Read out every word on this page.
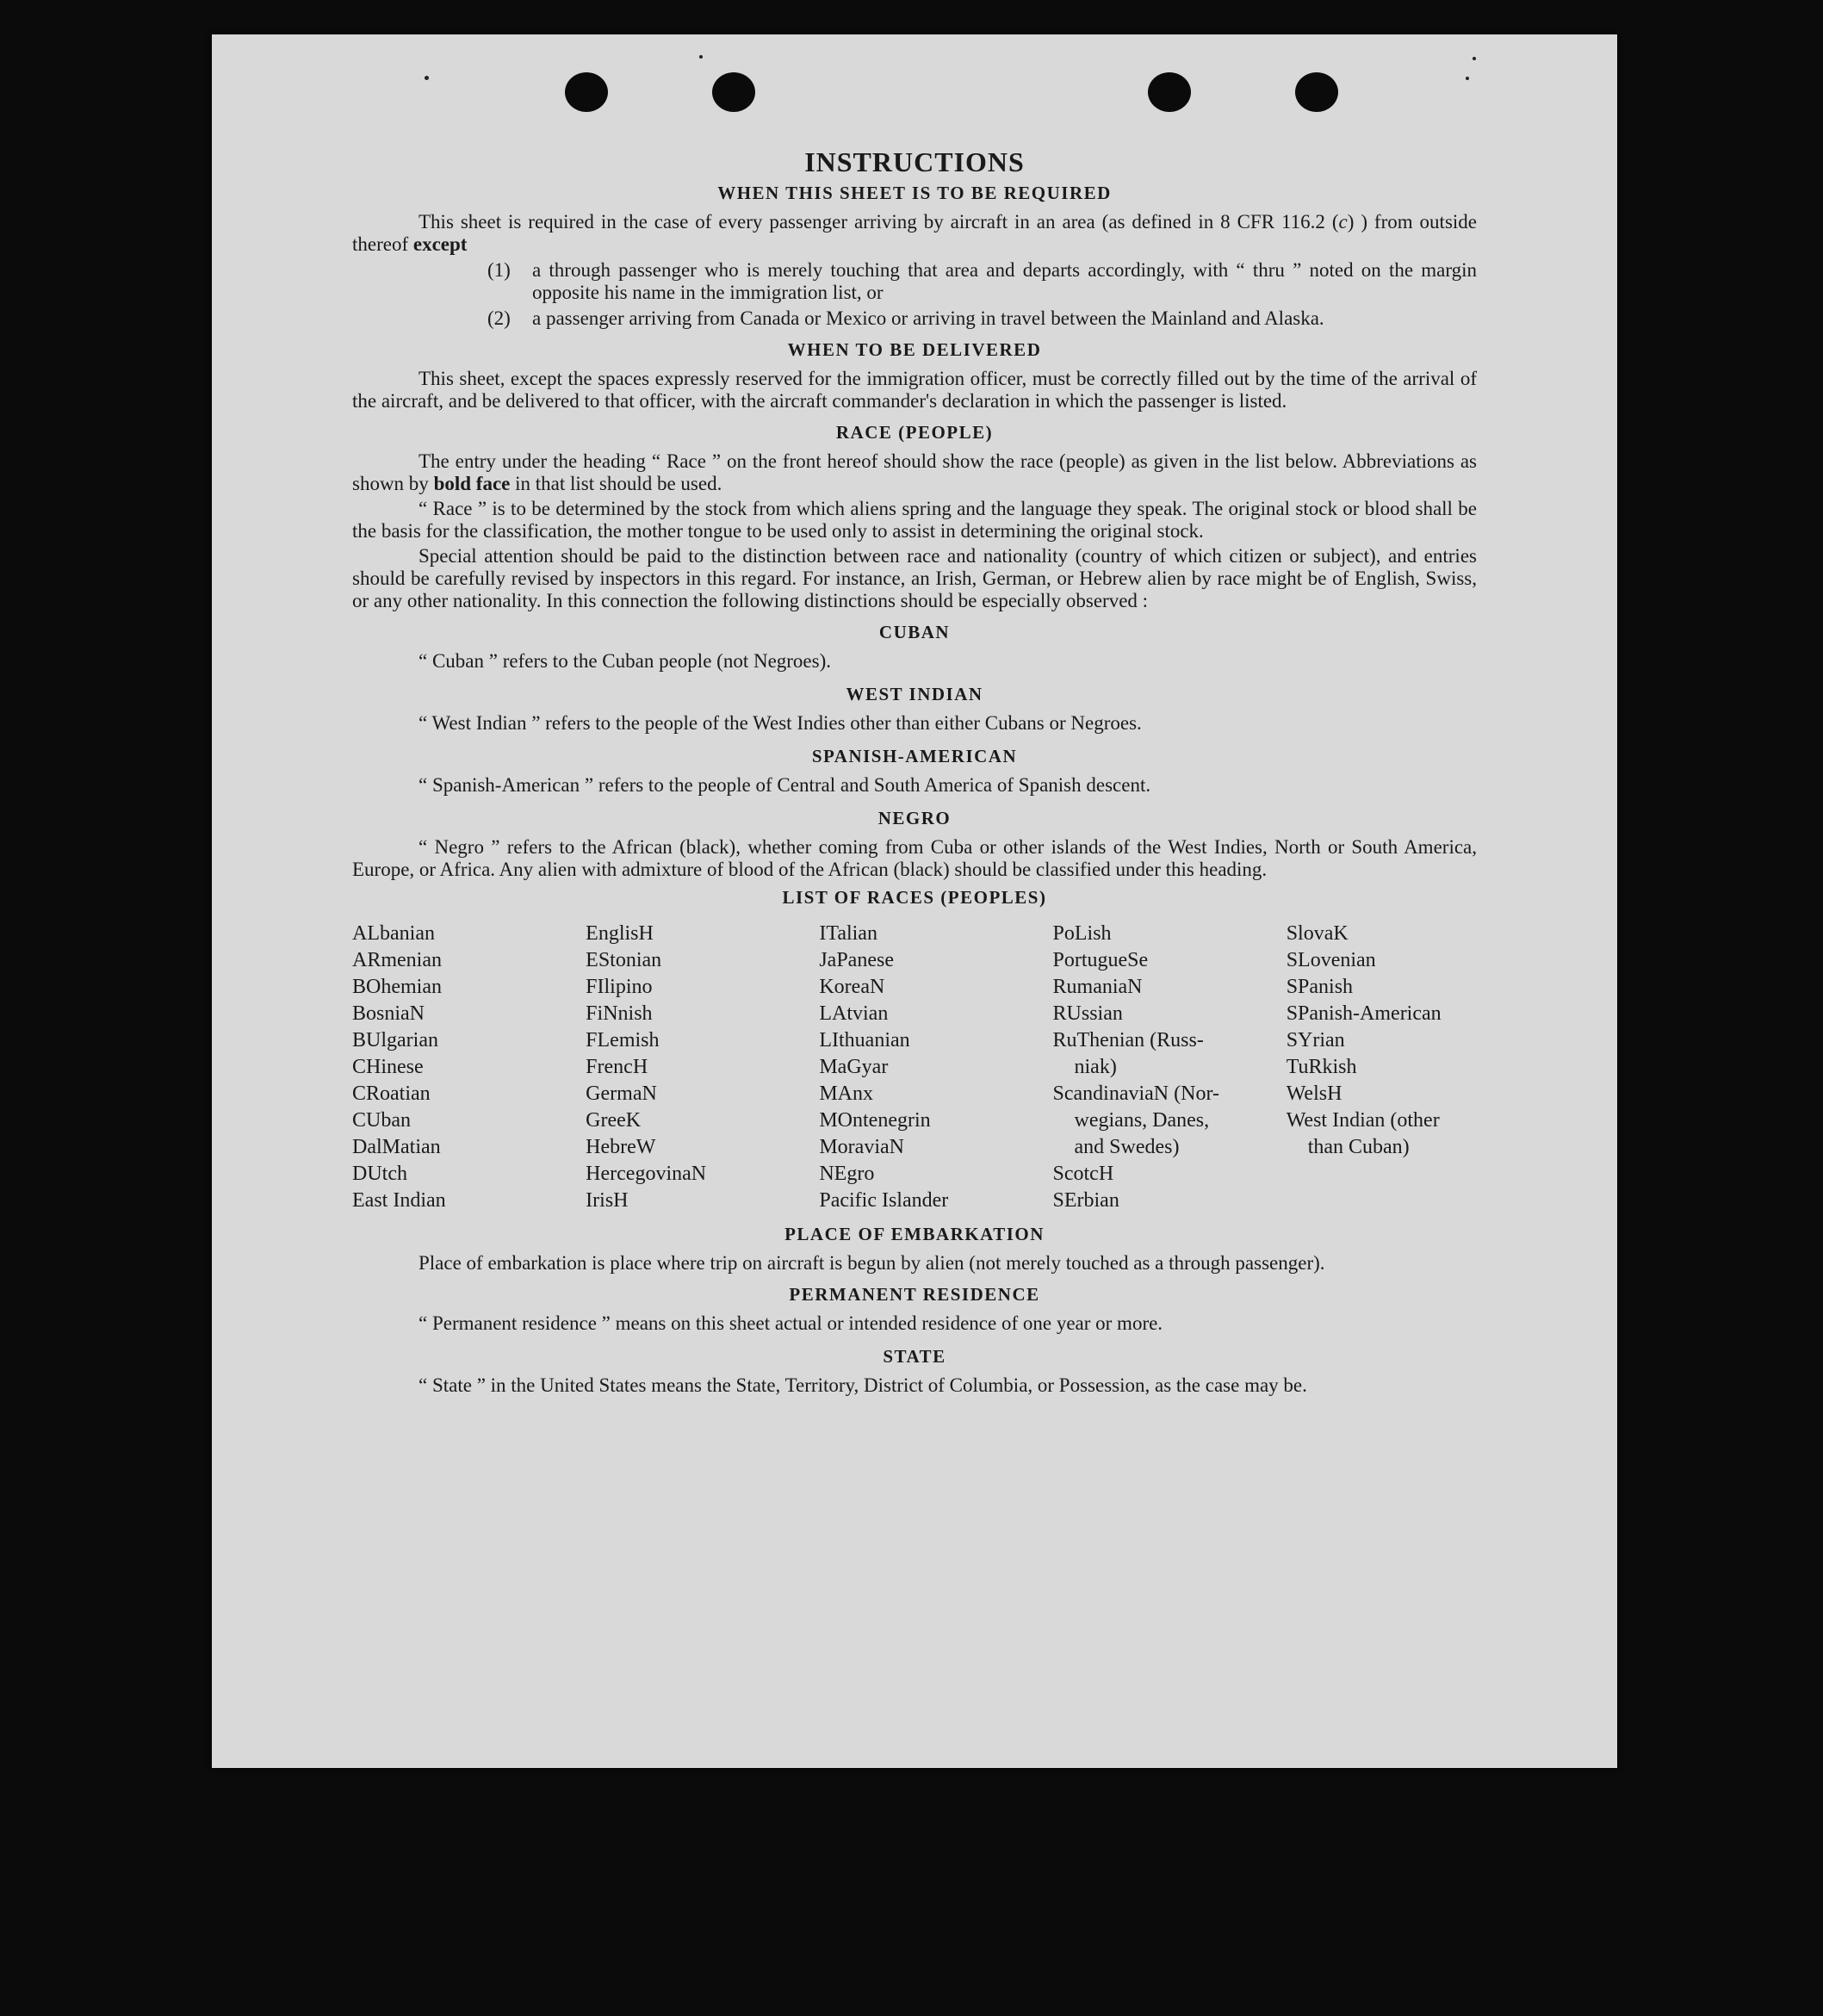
INSTRUCTIONS
WHEN THIS SHEET IS TO BE REQUIRED
This sheet is required in the case of every passenger arriving by aircraft in an area (as defined in 8 CFR 116.2 (c) ) from outside thereof except
(1)	a through passenger who is merely touching that area and departs accordingly, with “ thru ” noted on the margin opposite his name in the immigration list, or
(2)	a passenger arriving from Canada or Mexico or arriving in travel between the Mainland and Alaska.
WHEN TO BE DELIVERED
This sheet, except the spaces expressly reserved for the immigration officer, must be correctly filled out by the time of the arrival of the aircraft, and be delivered to that officer, with the aircraft commander's declaration in which the passenger is listed.
RACE (PEOPLE)
The entry under the heading “ Race ” on the front hereof should show the race (people) as given in the list below. Abbreviations as shown by bold face in that list should be used.
“ Race ” is to be determined by the stock from which aliens spring and the language they speak. The original stock or blood shall be the basis for the classification, the mother tongue to be used only to assist in determining the original stock.
Special attention should be paid to the distinction between race and nationality (country of which citizen or subject), and entries should be carefully revised by inspectors in this regard. For instance, an Irish, German, or Hebrew alien by race might be of English, Swiss, or any other nationality. In this connection the following distinctions should be especially observed :
CUBAN
“ Cuban ” refers to the Cuban people (not Negroes).
WEST INDIAN
“ West Indian ” refers to the people of the West Indies other than either Cubans or Negroes.
SPANISH-AMERICAN
“ Spanish-American ” refers to the people of Central and South America of Spanish descent.
NEGRO
“ Negro ” refers to the African (black), whether coming from Cuba or other islands of the West Indies, North or South America, Europe, or Africa. Any alien with admixture of blood of the African (black) should be classified under this heading.
LIST OF RACES (PEOPLES)
ALbanian
ARmenian
BOhemian
BosniaN
BUlgarian
CHinese
CRoatian
CUban
DalMatian
DUtch
East Indian
EnglisH
EStonian
FIlipino
FiNnish
FLemish
FrencH
GermaN
GreeK
HebreW
HercegovinaN
IrisH
ITalian
JaPanese
KoreaN
LAtvian
LIthuanian
MaGyar
MAnx
MOntenegrin
MoraviaN
NEgro
Pacific Islander
PoLish
PortugueSe
RumaniaN
RUssian
RuThenian (Russ-
niak)
ScandinaviaN (Nor-
wegians, Danes,
and Swedes)
ScotcH
SErbian
SlovaK
SLovenian
SPanish
SPanish-American
SYrian
TuRkish
WelsH
West Indian (other
than Cuban)
PLACE OF EMBARKATION
Place of embarkation is place where trip on aircraft is begun by alien (not merely touched as a through passenger).
PERMANENT RESIDENCE
“ Permanent residence ” means on this sheet actual or intended residence of one year or more.
STATE
“ State ” in the United States means the State, Territory, District of Columbia, or Possession, as the case may be.
